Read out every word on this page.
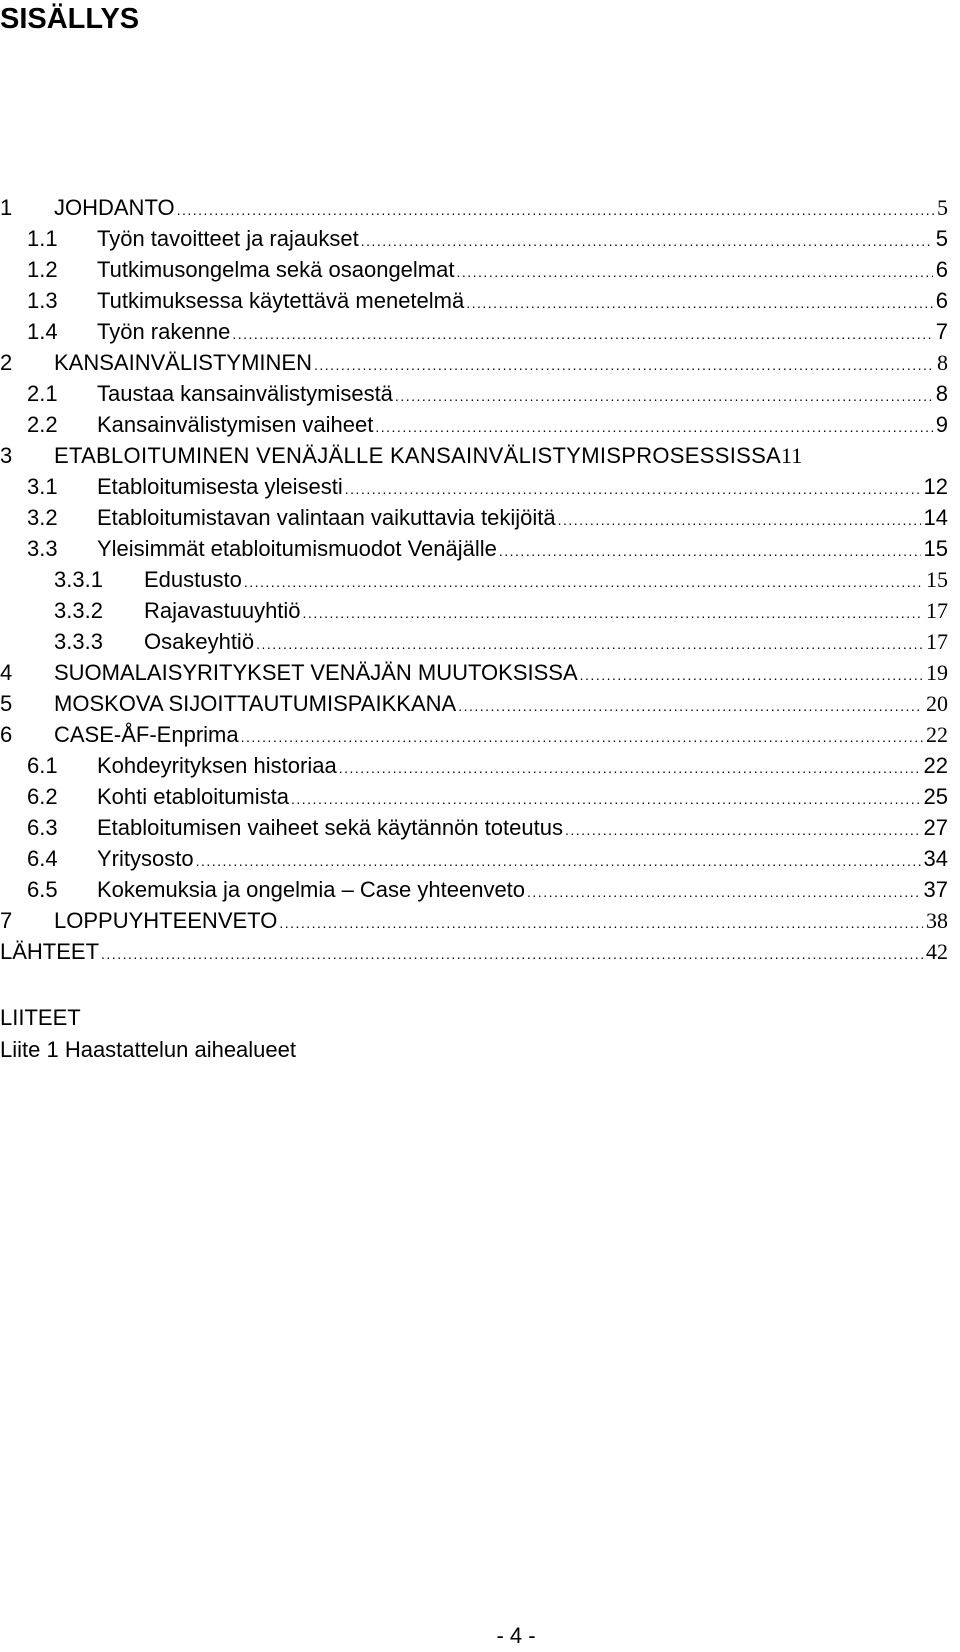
SISÄLLYS
1	JOHDANTO .....	5
1.1	Työn tavoitteet ja rajaukset .....	5
1.2	Tutkimusongelma sekä osaongelmat .....	6
1.3	Tutkimuksessa käytettävä menetelmä .....	6
1.4	Työn rakenne .....	7
2	KANSAINVÄLISTYMINEN .....	8
2.1	Taustaa kansainvälistymisestä .....	8
2.2	Kansainvälistymisen vaiheet .....	9
3	ETABLOITUMINEN VENÄJÄLLE KANSAINVÄLISTYMISPROSESSISSA 11
3.1	Etabloitumisesta yleisesti .....	12
3.2	Etabloitumistavan valintaan vaikuttavia tekijöitä .....	14
3.3	Yleisimmät etabloitumismuodot Venäjälle .....	15
3.3.1	Edustusto .....	15
3.3.2	Rajavastuuyhtiö .....	17
3.3.3	Osakeyhtiö .....	17
4	SUOMALAISYRITYKSET VENÄJÄN MUUTOKSISSA .....	19
5	MOSKOVA SIJOITTAUTUMISPAIKKANA .....	20
6	CASE-ÅF-Enprima .....	22
6.1	Kohdeyrityksen historiaa .....	22
6.2	Kohti etabloitumista .....	25
6.3	Etabloitumisen vaiheet sekä käytännön toteutus .....	27
6.4	Yritysosto .....	34
6.5	Kokemuksia ja ongelmia – Case yhteenveto .....	37
7	LOPPUYHTEENVETO .....	38
LÄHTEET .....	42
LIITEET
Liite 1 Haastattelun aihealueet
- 4 -
